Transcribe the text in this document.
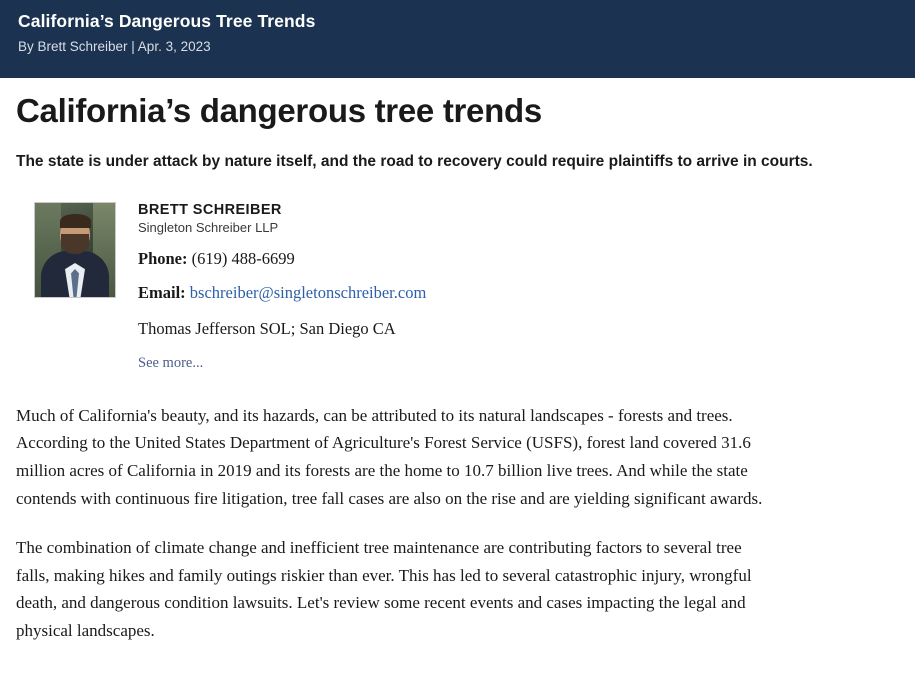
California’s Dangerous Tree Trends
By Brett Schreiber | Apr. 3, 2023
California’s dangerous tree trends
The state is under attack by nature itself, and the road to recovery could require plaintiffs to arrive in courts.
BRETT SCHREIBER
Singleton Schreiber LLP
Phone: (619) 488-6699
Email: bschreiber@singletonschreiber.com
Thomas Jefferson SOL; San Diego CA
See more...

Much of California's beauty, and its hazards, can be attributed to its natural landscapes - forests and trees. According to the United States Department of Agriculture's Forest Service (USFS), forest land covered 31.6 million acres of California in 2019 and its forests are the home to 10.7 billion live trees. And while the state contends with continuous fire litigation, tree fall cases are also on the rise and are yielding significant awards.

The combination of climate change and inefficient tree maintenance are contributing factors to several tree falls, making hikes and family outings riskier than ever. This has led to several catastrophic injury, wrongful death, and dangerous condition lawsuits. Let's review some recent events and cases impacting the legal and physical landscapes.
